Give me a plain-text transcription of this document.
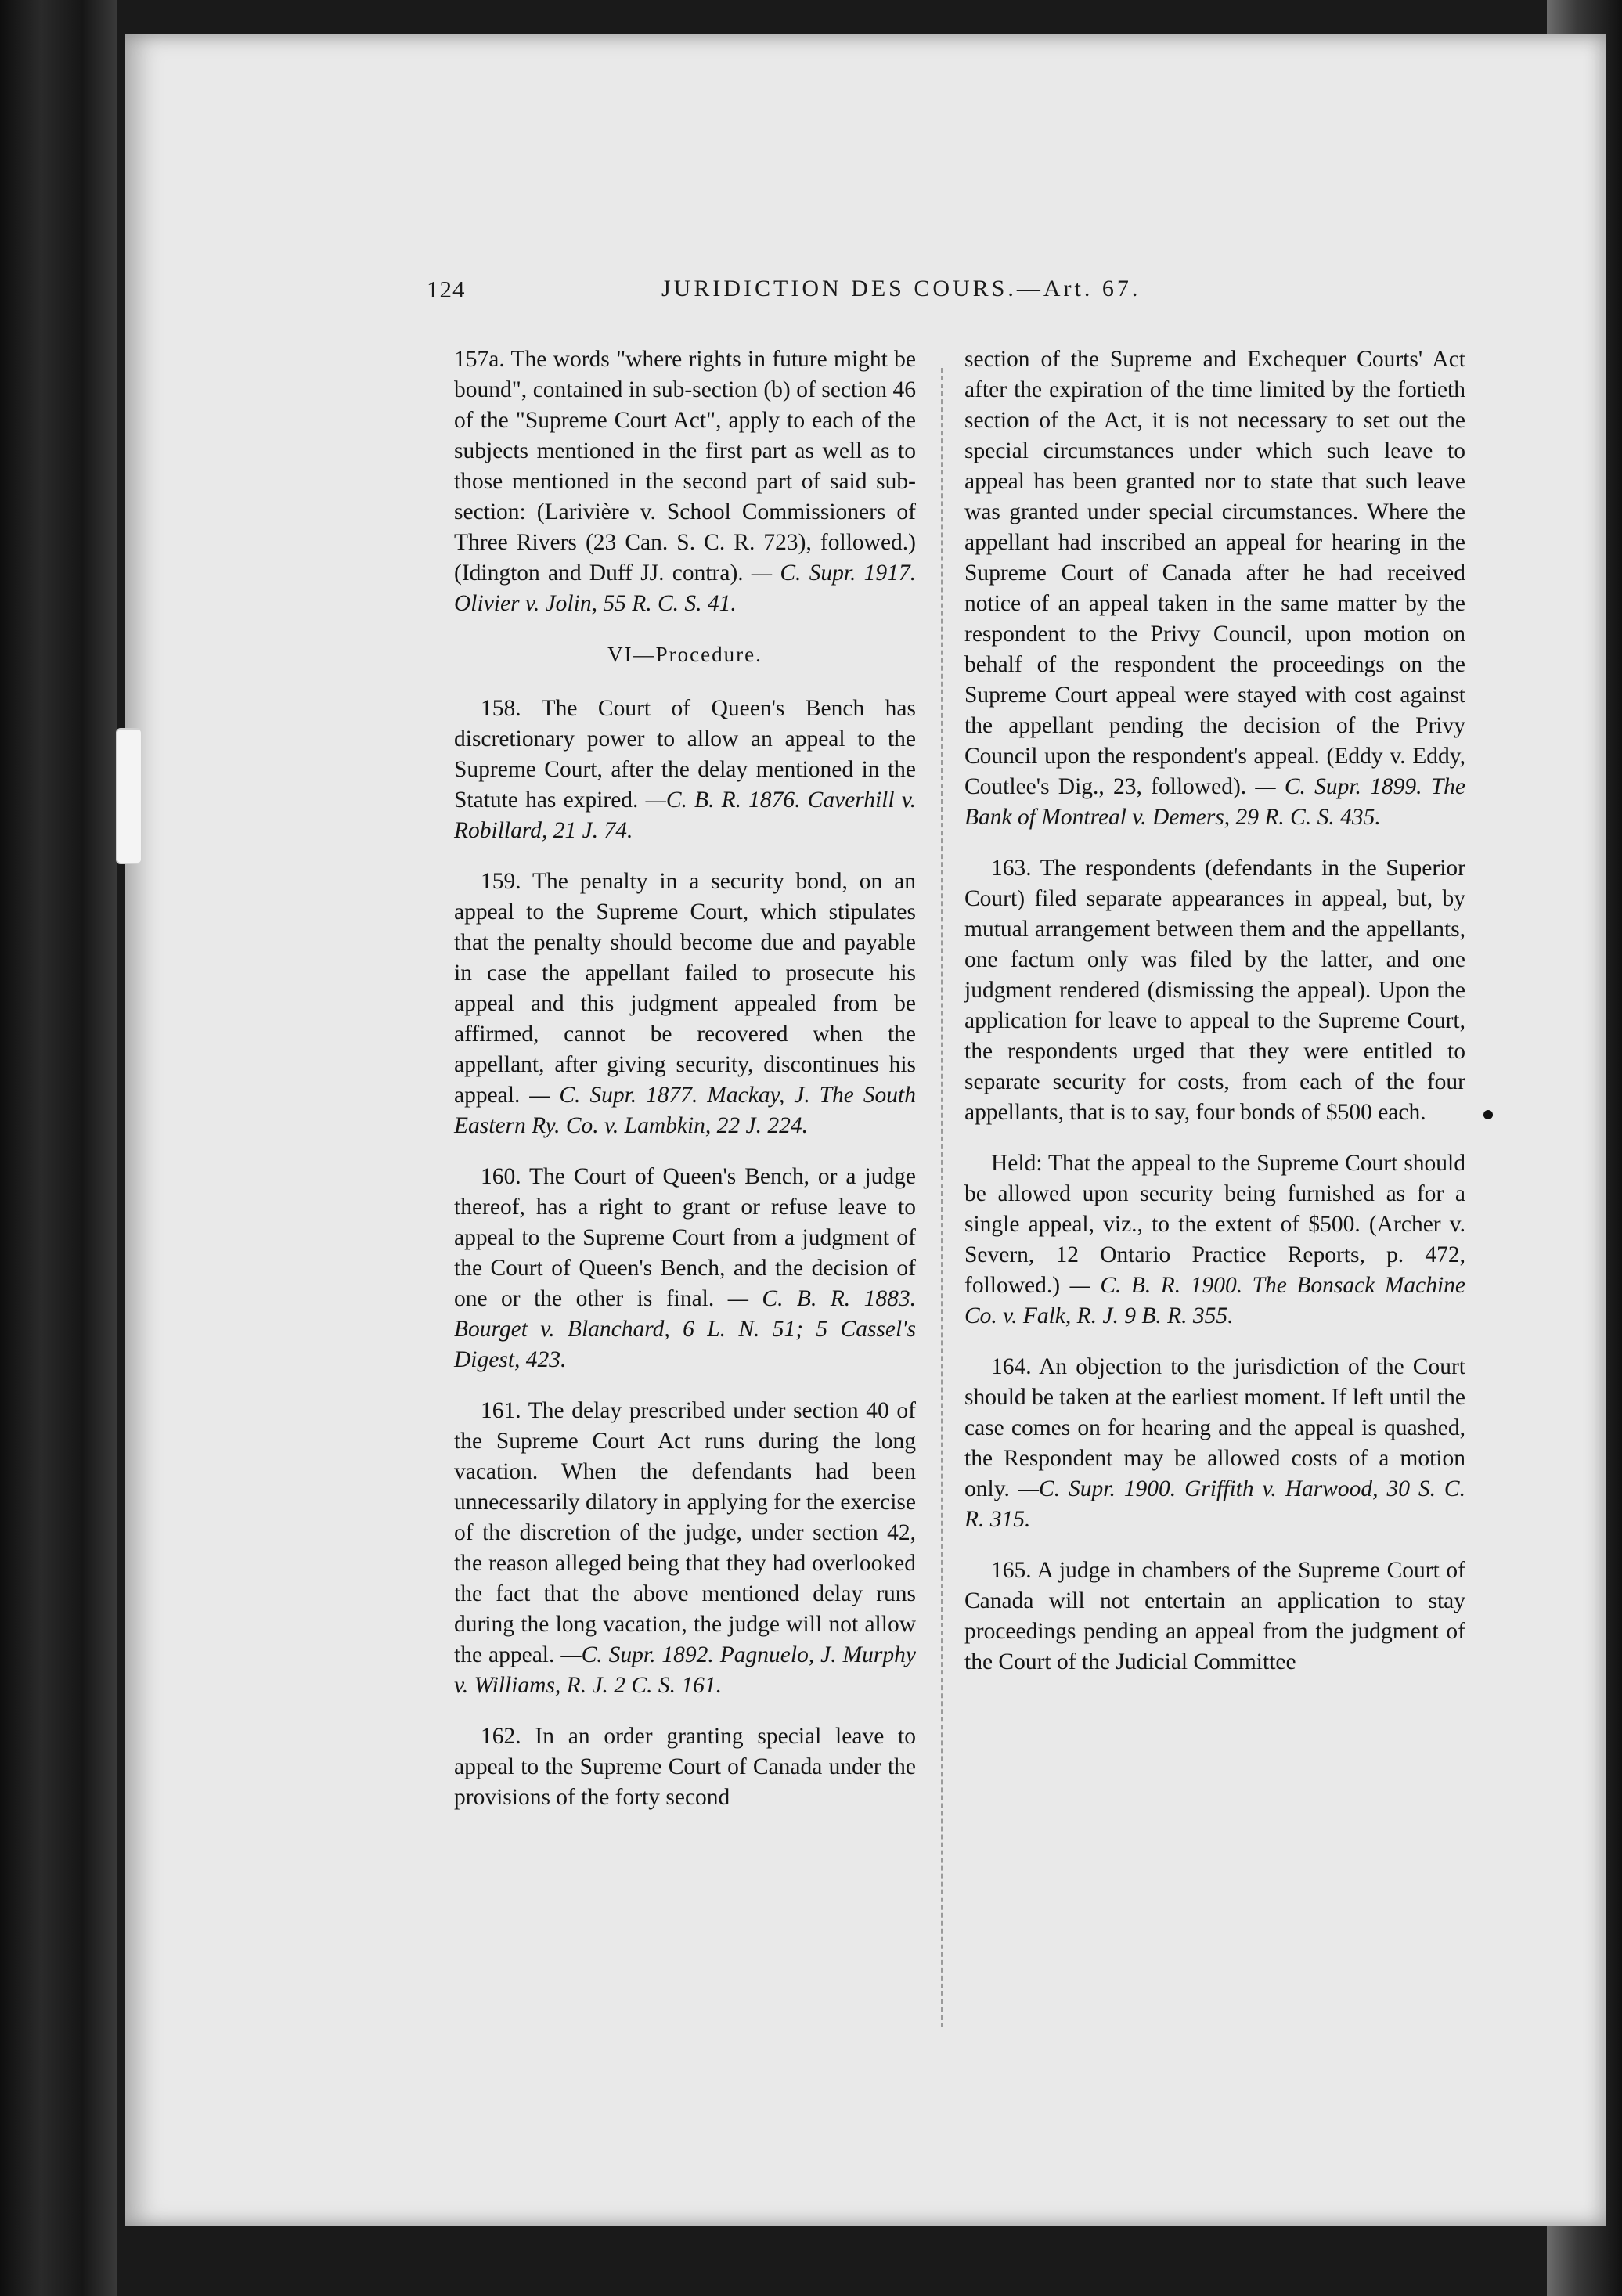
124	JURIDICTION DES COURS.—Art. 67.

157a. The words "where rights in future might be bound", contained in sub-section (b) of section 46 of the "Supreme Court Act", apply to each of the subjects mentioned in the first part as well as to those mentioned in the second part of said sub-section: (Larivière v. School Commissioners of Three Rivers (23 Can. S. C. R. 723), followed.) (Idington and Duff JJ. contra). — C. Supr. 1917. Olivier v. Jolin, 55 R. C. S. 41.

VI—Procedure.

158. The Court of Queen's Bench has discretionary power to allow an appeal to the Supreme Court, after the delay mentioned in the Statute has expired. —C. B. R. 1876. Caverhill v. Robillard, 21 J. 74.

159. The penalty in a security bond, on an appeal to the Supreme Court, which stipulates that the penalty should become due and payable in case the appellant failed to prosecute his appeal and this judgment appealed from be affirmed, cannot be recovered when the appellant, after giving security, discontinues his appeal. — C. Supr. 1877. Mackay, J. The South Eastern Ry. Co. v. Lambkin, 22 J. 224.

160. The Court of Queen's Bench, or a judge thereof, has a right to grant or refuse leave to appeal to the Supreme Court from a judgment of the Court of Queen's Bench, and the decision of one or the other is final. — C. B. R. 1883. Bourget v. Blanchard, 6 L. N. 51; 5 Cassel's Digest, 423.

161. The delay prescribed under section 40 of the Supreme Court Act runs during the long vacation. When the defendants had been unnecessarily dilatory in applying for the exercise of the discretion of the judge, under section 42, the reason alleged being that they had overlooked the fact that the above mentioned delay runs during the long vacation, the judge will not allow the appeal. —C. Supr. 1892. Pagnuelo, J. Murphy v. Williams, R. J. 2 C. S. 161.

162. In an order granting special leave to appeal to the Supreme Court of Canada under the provisions of the forty second

section of the Supreme and Exchequer Courts' Act after the expiration of the time limited by the fortieth section of the Act, it is not necessary to set out the special circumstances under which such leave to appeal has been granted nor to state that such leave was granted under special circumstances. Where the appellant had inscribed an appeal for hearing in the Supreme Court of Canada after he had received notice of an appeal taken in the same matter by the respondent to the Privy Council, upon motion on behalf of the respondent the proceedings on the Supreme Court appeal were stayed with cost against the appellant pending the decision of the Privy Council upon the respondent's appeal. (Eddy v. Eddy, Coutlee's Dig., 23, followed). — C. Supr. 1899. The Bank of Montreal v. Demers, 29 R. C. S. 435.

163. The respondents (defendants in the Superior Court) filed separate appearances in appeal, but, by mutual arrangement between them and the appellants, one factum only was filed by the latter, and one judgment rendered (dismissing the appeal). Upon the application for leave to appeal to the Supreme Court, the respondents urged that they were entitled to separate security for costs, from each of the four appellants, that is to say, four bonds of $500 each.

Held: That the appeal to the Supreme Court should be allowed upon security being furnished as for a single appeal, viz., to the extent of $500. (Archer v. Severn, 12 Ontario Practice Reports, p. 472, followed.) — C. B. R. 1900. The Bonsack Machine Co. v. Falk, R. J. 9 B. R. 355.

164. An objection to the jurisdiction of the Court should be taken at the earliest moment. If left until the case comes on for hearing and the appeal is quashed, the Respondent may be allowed costs of a motion only. —C. Supr. 1900. Griffith v. Harwood, 30 S. C. R. 315.

165. A judge in chambers of the Supreme Court of Canada will not entertain an application to stay proceedings pending an appeal from the judgment of the Court of the Judicial Committee
